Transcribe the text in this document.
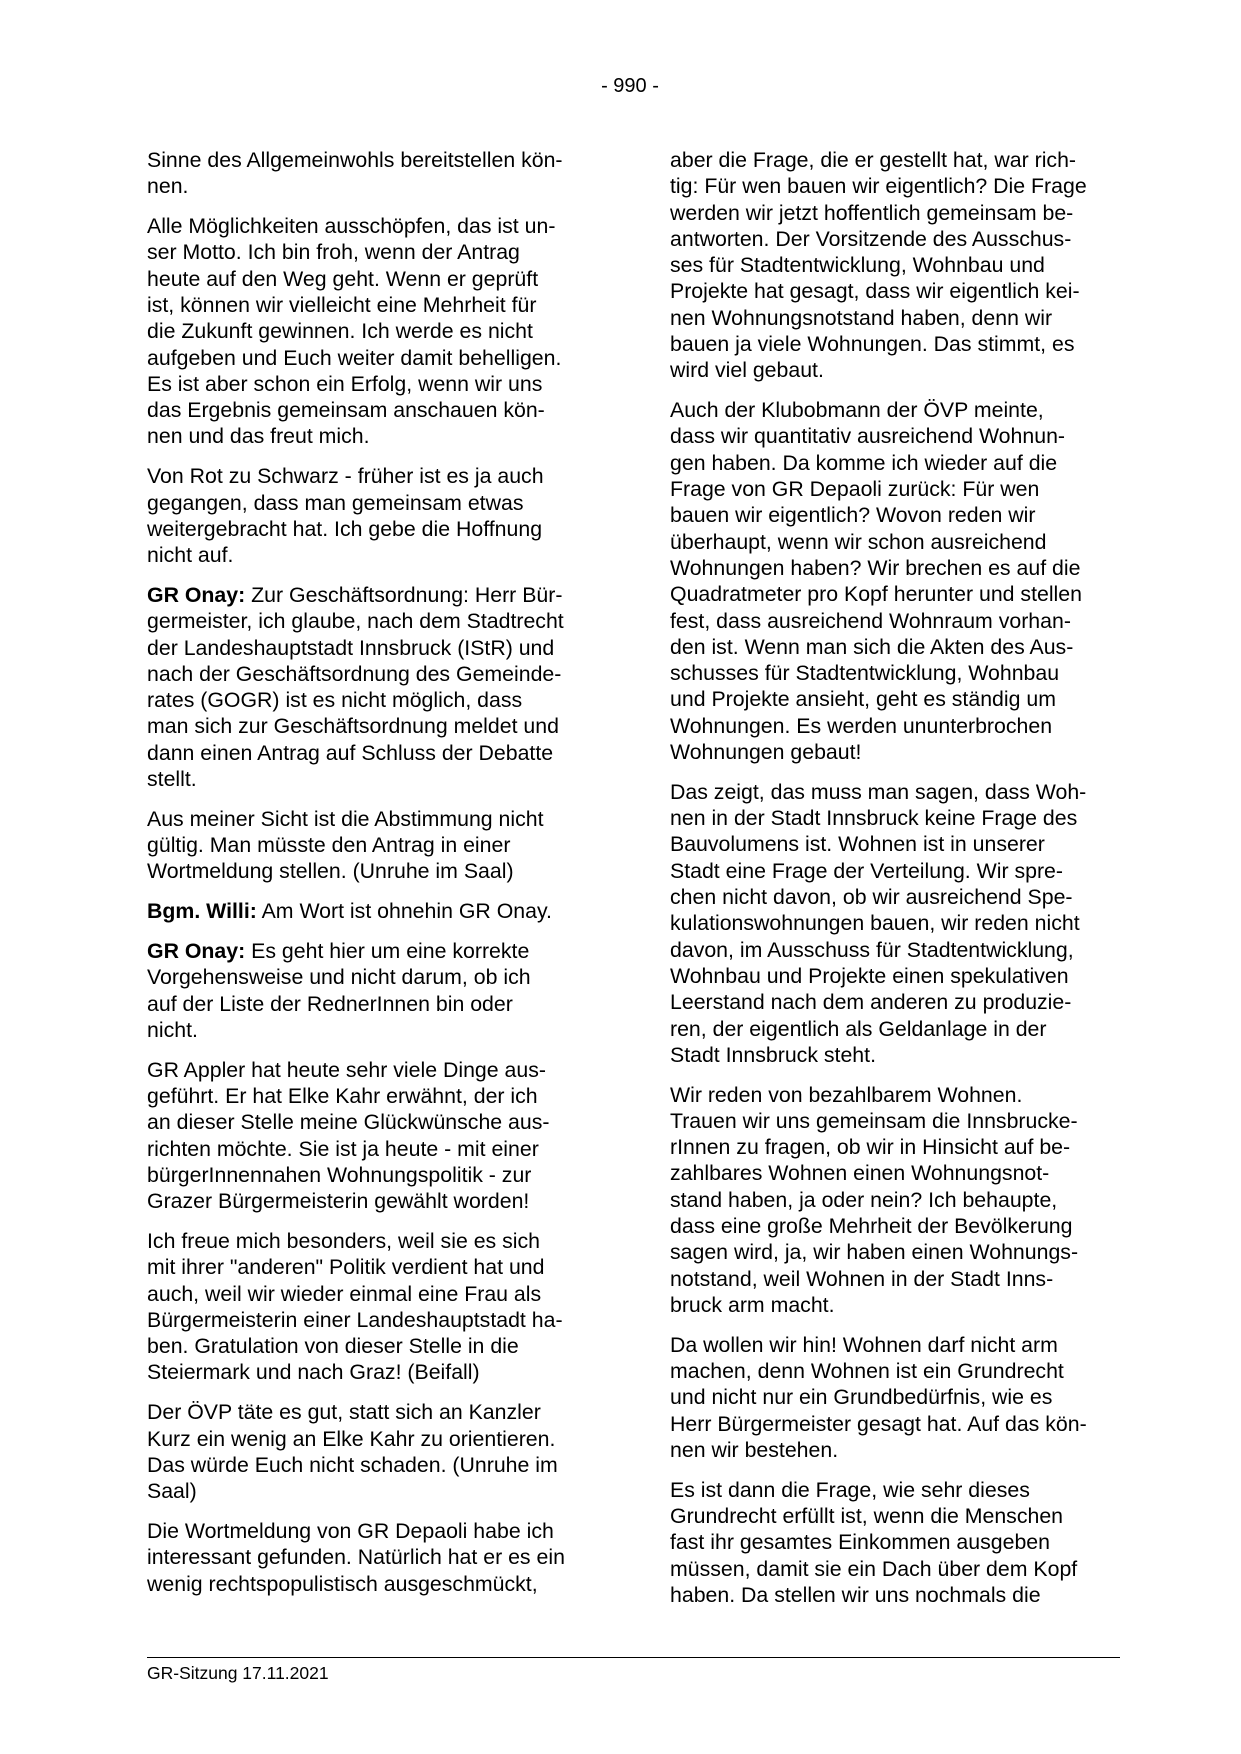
- 990 -

Sinne des Allgemeinwohls bereitstellen kön-
nen.

Alle Möglichkeiten ausschöpfen, das ist un-
ser Motto. Ich bin froh, wenn der Antrag
heute auf den Weg geht. Wenn er geprüft
ist, können wir vielleicht eine Mehrheit für
die Zukunft gewinnen. Ich werde es nicht
aufgeben und Euch weiter damit behelligen.
Es ist aber schon ein Erfolg, wenn wir uns
das Ergebnis gemeinsam anschauen kön-
nen und das freut mich.

Von Rot zu Schwarz - früher ist es ja auch
gegangen, dass man gemeinsam etwas
weitergebracht hat. Ich gebe die Hoffnung
nicht auf.

GR Onay: Zur Geschäftsordnung: Herr Bür-
germeister, ich glaube, nach dem Stadtrecht
der Landeshauptstadt Innsbruck (IStR) und
nach der Geschäftsordnung des Gemeinde-
rates (GOGR) ist es nicht möglich, dass
man sich zur Geschäftsordnung meldet und
dann einen Antrag auf Schluss der Debatte
stellt.

Aus meiner Sicht ist die Abstimmung nicht
gültig. Man müsste den Antrag in einer
Wortmeldung stellen. (Unruhe im Saal)

Bgm. Willi: Am Wort ist ohnehin GR Onay.

GR Onay: Es geht hier um eine korrekte
Vorgehensweise und nicht darum, ob ich
auf der Liste der RednerInnen bin oder
nicht.

GR Appler hat heute sehr viele Dinge aus-
geführt. Er hat Elke Kahr erwähnt, der ich
an dieser Stelle meine Glückwünsche aus-
richten möchte. Sie ist ja heute - mit einer
bürgerInnennahen Wohnungspolitik - zur
Grazer Bürgermeisterin gewählt worden!

Ich freue mich besonders, weil sie es sich
mit ihrer "anderen" Politik verdient hat und
auch, weil wir wieder einmal eine Frau als
Bürgermeisterin einer Landeshauptstadt ha-
ben. Gratulation von dieser Stelle in die
Steiermark und nach Graz! (Beifall)

Der ÖVP täte es gut, statt sich an Kanzler
Kurz ein wenig an Elke Kahr zu orientieren.
Das würde Euch nicht schaden. (Unruhe im
Saal)

Die Wortmeldung von GR Depaoli habe ich
interessant gefunden. Natürlich hat er es ein
wenig rechtspopulistisch ausgeschmückt,

aber die Frage, die er gestellt hat, war rich-
tig: Für wen bauen wir eigentlich? Die Frage
werden wir jetzt hoffentlich gemeinsam be-
antworten. Der Vorsitzende des Ausschus-
ses für Stadtentwicklung, Wohnbau und
Projekte hat gesagt, dass wir eigentlich kei-
nen Wohnungsnotstand haben, denn wir
bauen ja viele Wohnungen. Das stimmt, es
wird viel gebaut.

Auch der Klubobmann der ÖVP meinte,
dass wir quantitativ ausreichend Wohnun-
gen haben. Da komme ich wieder auf die
Frage von GR Depaoli zurück: Für wen
bauen wir eigentlich? Wovon reden wir
überhaupt, wenn wir schon ausreichend
Wohnungen haben? Wir brechen es auf die
Quadratmeter pro Kopf herunter und stellen
fest, dass ausreichend Wohnraum vorhan-
den ist. Wenn man sich die Akten des Aus-
schusses für Stadtentwicklung, Wohnbau
und Projekte ansieht, geht es ständig um
Wohnungen. Es werden ununterbrochen
Wohnungen gebaut!

Das zeigt, das muss man sagen, dass Woh-
nen in der Stadt Innsbruck keine Frage des
Bauvolumens ist. Wohnen ist in unserer
Stadt eine Frage der Verteilung. Wir spre-
chen nicht davon, ob wir ausreichend Spe-
kulationswohnungen bauen, wir reden nicht
davon, im Ausschuss für Stadtentwicklung,
Wohnbau und Projekte einen spekulativen
Leerstand nach dem anderen zu produzie-
ren, der eigentlich als Geldanlage in der
Stadt Innsbruck steht.

Wir reden von bezahlbarem Wohnen.
Trauen wir uns gemeinsam die Innsbrucke-
rInnen zu fragen, ob wir in Hinsicht auf be-
zahlbares Wohnen einen Wohnungsnot-
stand haben, ja oder nein? Ich behaupte,
dass eine große Mehrheit der Bevölkerung
sagen wird, ja, wir haben einen Wohnungs-
notstand, weil Wohnen in der Stadt Inns-
bruck arm macht.

Da wollen wir hin! Wohnen darf nicht arm
machen, denn Wohnen ist ein Grundrecht
und nicht nur ein Grundbedürfnis, wie es
Herr Bürgermeister gesagt hat. Auf das kön-
nen wir bestehen.

Es ist dann die Frage, wie sehr dieses
Grundrecht erfüllt ist, wenn die Menschen
fast ihr gesamtes Einkommen ausgeben
müssen, damit sie ein Dach über dem Kopf
haben. Da stellen wir uns nochmals die

GR-Sitzung 17.11.2021
